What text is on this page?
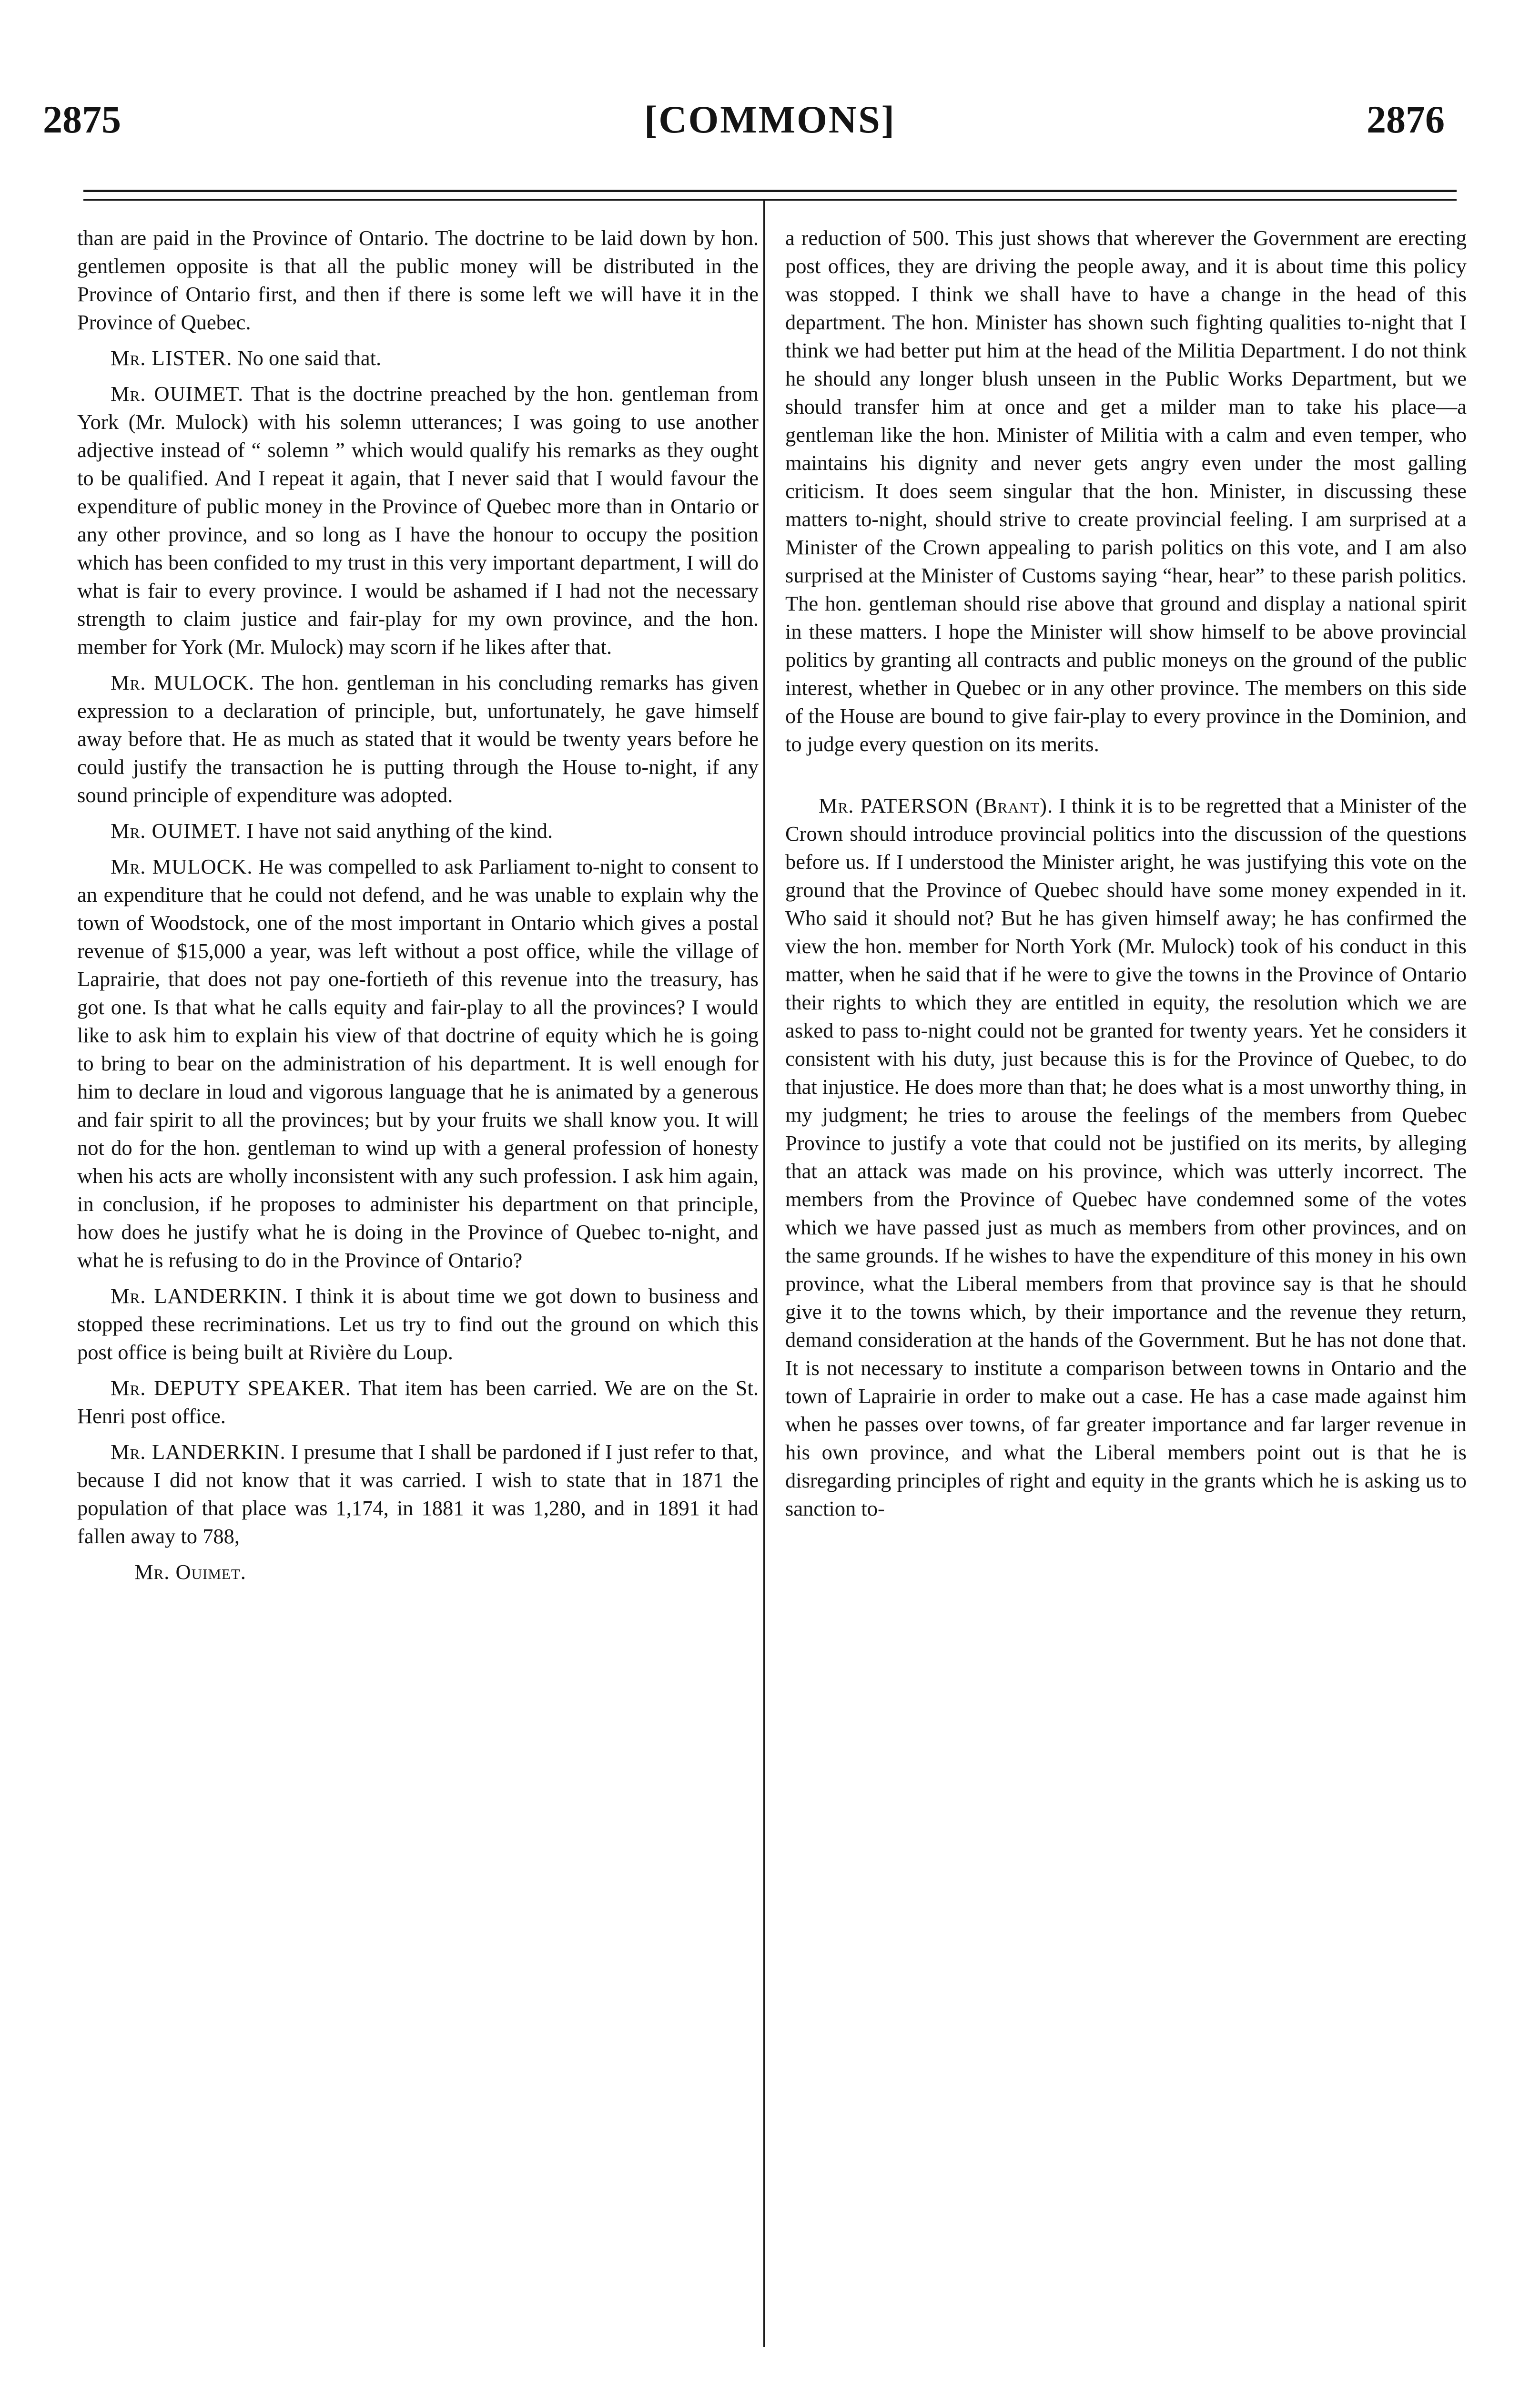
2875	[COMMONS]	2876

than are paid in the Province of Ontario. The doctrine to be laid down by hon. gentlemen opposite is that all the public money will be distributed in the Province of Ontario first, and then if there is some left we will have it in the Province of Quebec.

Mr. LISTER. No one said that.

Mr. OUIMET. That is the doctrine preached by the hon. gentleman from York (Mr. Mulock) with his solemn utterances; I was going to use another adjective instead of “ solemn ” which would qualify his remarks as they ought to be qualified. And I repeat it again, that I never said that I would favour the expenditure of public money in the Province of Quebec more than in Ontario or any other province, and so long as I have the honour to occupy the position which has been confided to my trust in this very important department, I will do what is fair to every province. I would be ashamed if I had not the necessary strength to claim justice and fair-play for my own province, and the hon. member for York (Mr. Mulock) may scorn if he likes after that.

Mr. MULOCK. The hon. gentleman in his concluding remarks has given expression to a declaration of principle, but, unfortunately, he gave himself away before that. He as much as stated that it would be twenty years before he could justify the transaction he is putting through the House to-night, if any sound principle of expenditure was adopted.

Mr. OUIMET. I have not said anything of the kind.

Mr. MULOCK. He was compelled to ask Parliament to-night to consent to an expenditure that he could not defend, and he was unable to explain why the town of Woodstock, one of the most important in Ontario which gives a postal revenue of $15,000 a year, was left without a post office, while the village of Laprairie, that does not pay one-fortieth of this revenue into the treasury, has got one. Is that what he calls equity and fair-play to all the provinces? I would like to ask him to explain his view of that doctrine of equity which he is going to bring to bear on the administration of his department. It is well enough for him to declare in loud and vigorous language that he is animated by a generous and fair spirit to all the provinces; but by your fruits we shall know you. It will not do for the hon. gentleman to wind up with a general profession of honesty when his acts are wholly inconsistent with any such profession. I ask him again, in conclusion, if he proposes to administer his department on that principle, how does he justify what he is doing in the Province of Quebec to-night, and what he is refusing to do in the Province of Ontario?

Mr. LANDERKIN. I think it is about time we got down to business and stopped these recriminations. Let us try to find out the ground on which this post office is being built at Rivière du Loup.

Mr. DEPUTY SPEAKER. That item has been carried. We are on the St. Henri post office.

Mr. LANDERKIN. I presume that I shall be pardoned if I just refer to that, because I did not know that it was carried. I wish to state that in 1871 the population of that place was 1,174, in 1881 it was 1,280, and in 1891 it had fallen away to 788,

Mr. Ouimet.

a reduction of 500. This just shows that wherever the Government are erecting post offices, they are driving the people away, and it is about time this policy was stopped. I think we shall have to have a change in the head of this department. The hon. Minister has shown such fighting qualities to-night that I think we had better put him at the head of the Militia Department. I do not think he should any longer blush unseen in the Public Works Department, but we should transfer him at once and get a milder man to take his place—a gentleman like the hon. Minister of Militia with a calm and even temper, who maintains his dignity and never gets angry even under the most galling criticism. It does seem singular that the hon. Minister, in discussing these matters to-night, should strive to create provincial feeling. I am surprised at a Minister of the Crown appealing to parish politics on this vote, and I am also surprised at the Minister of Customs saying “hear, hear” to these parish politics. The hon. gentleman should rise above that ground and display a national spirit in these matters. I hope the Minister will show himself to be above provincial politics by granting all contracts and public moneys on the ground of the public interest, whether in Quebec or in any other province. The members on this side of the House are bound to give fair-play to every province in the Dominion, and to judge every question on its merits.

Mr. PATERSON (Brant). I think it is to be regretted that a Minister of the Crown should introduce provincial politics into the discussion of the questions before us. If I understood the Minister aright, he was justifying this vote on the ground that the Province of Quebec should have some money expended in it. Who said it should not? But he has given himself away; he has confirmed the view the hon. member for North York (Mr. Mulock) took of his conduct in this matter, when he said that if he were to give the towns in the Province of Ontario their rights to which they are entitled in equity, the resolution which we are asked to pass to-night could not be granted for twenty years. Yet he considers it consistent with his duty, just because this is for the Province of Quebec, to do that injustice. He does more than that; he does what is a most unworthy thing, in my judgment; he tries to arouse the feelings of the members from Quebec Province to justify a vote that could not be justified on its merits, by alleging that an attack was made on his province, which was utterly incorrect. The members from the Province of Quebec have condemned some of the votes which we have passed just as much as members from other provinces, and on the same grounds. If he wishes to have the expenditure of this money in his own province, what the Liberal members from that province say is that he should give it to the towns which, by their importance and the revenue they return, demand consideration at the hands of the Government. But he has not done that. It is not necessary to institute a comparison between towns in Ontario and the town of Laprairie in order to make out a case. He has a case made against him when he passes over towns, of far greater importance and far larger revenue in his own province, and what the Liberal members point out is that he is disregarding principles of right and equity in the grants which he is asking us to sanction to-
